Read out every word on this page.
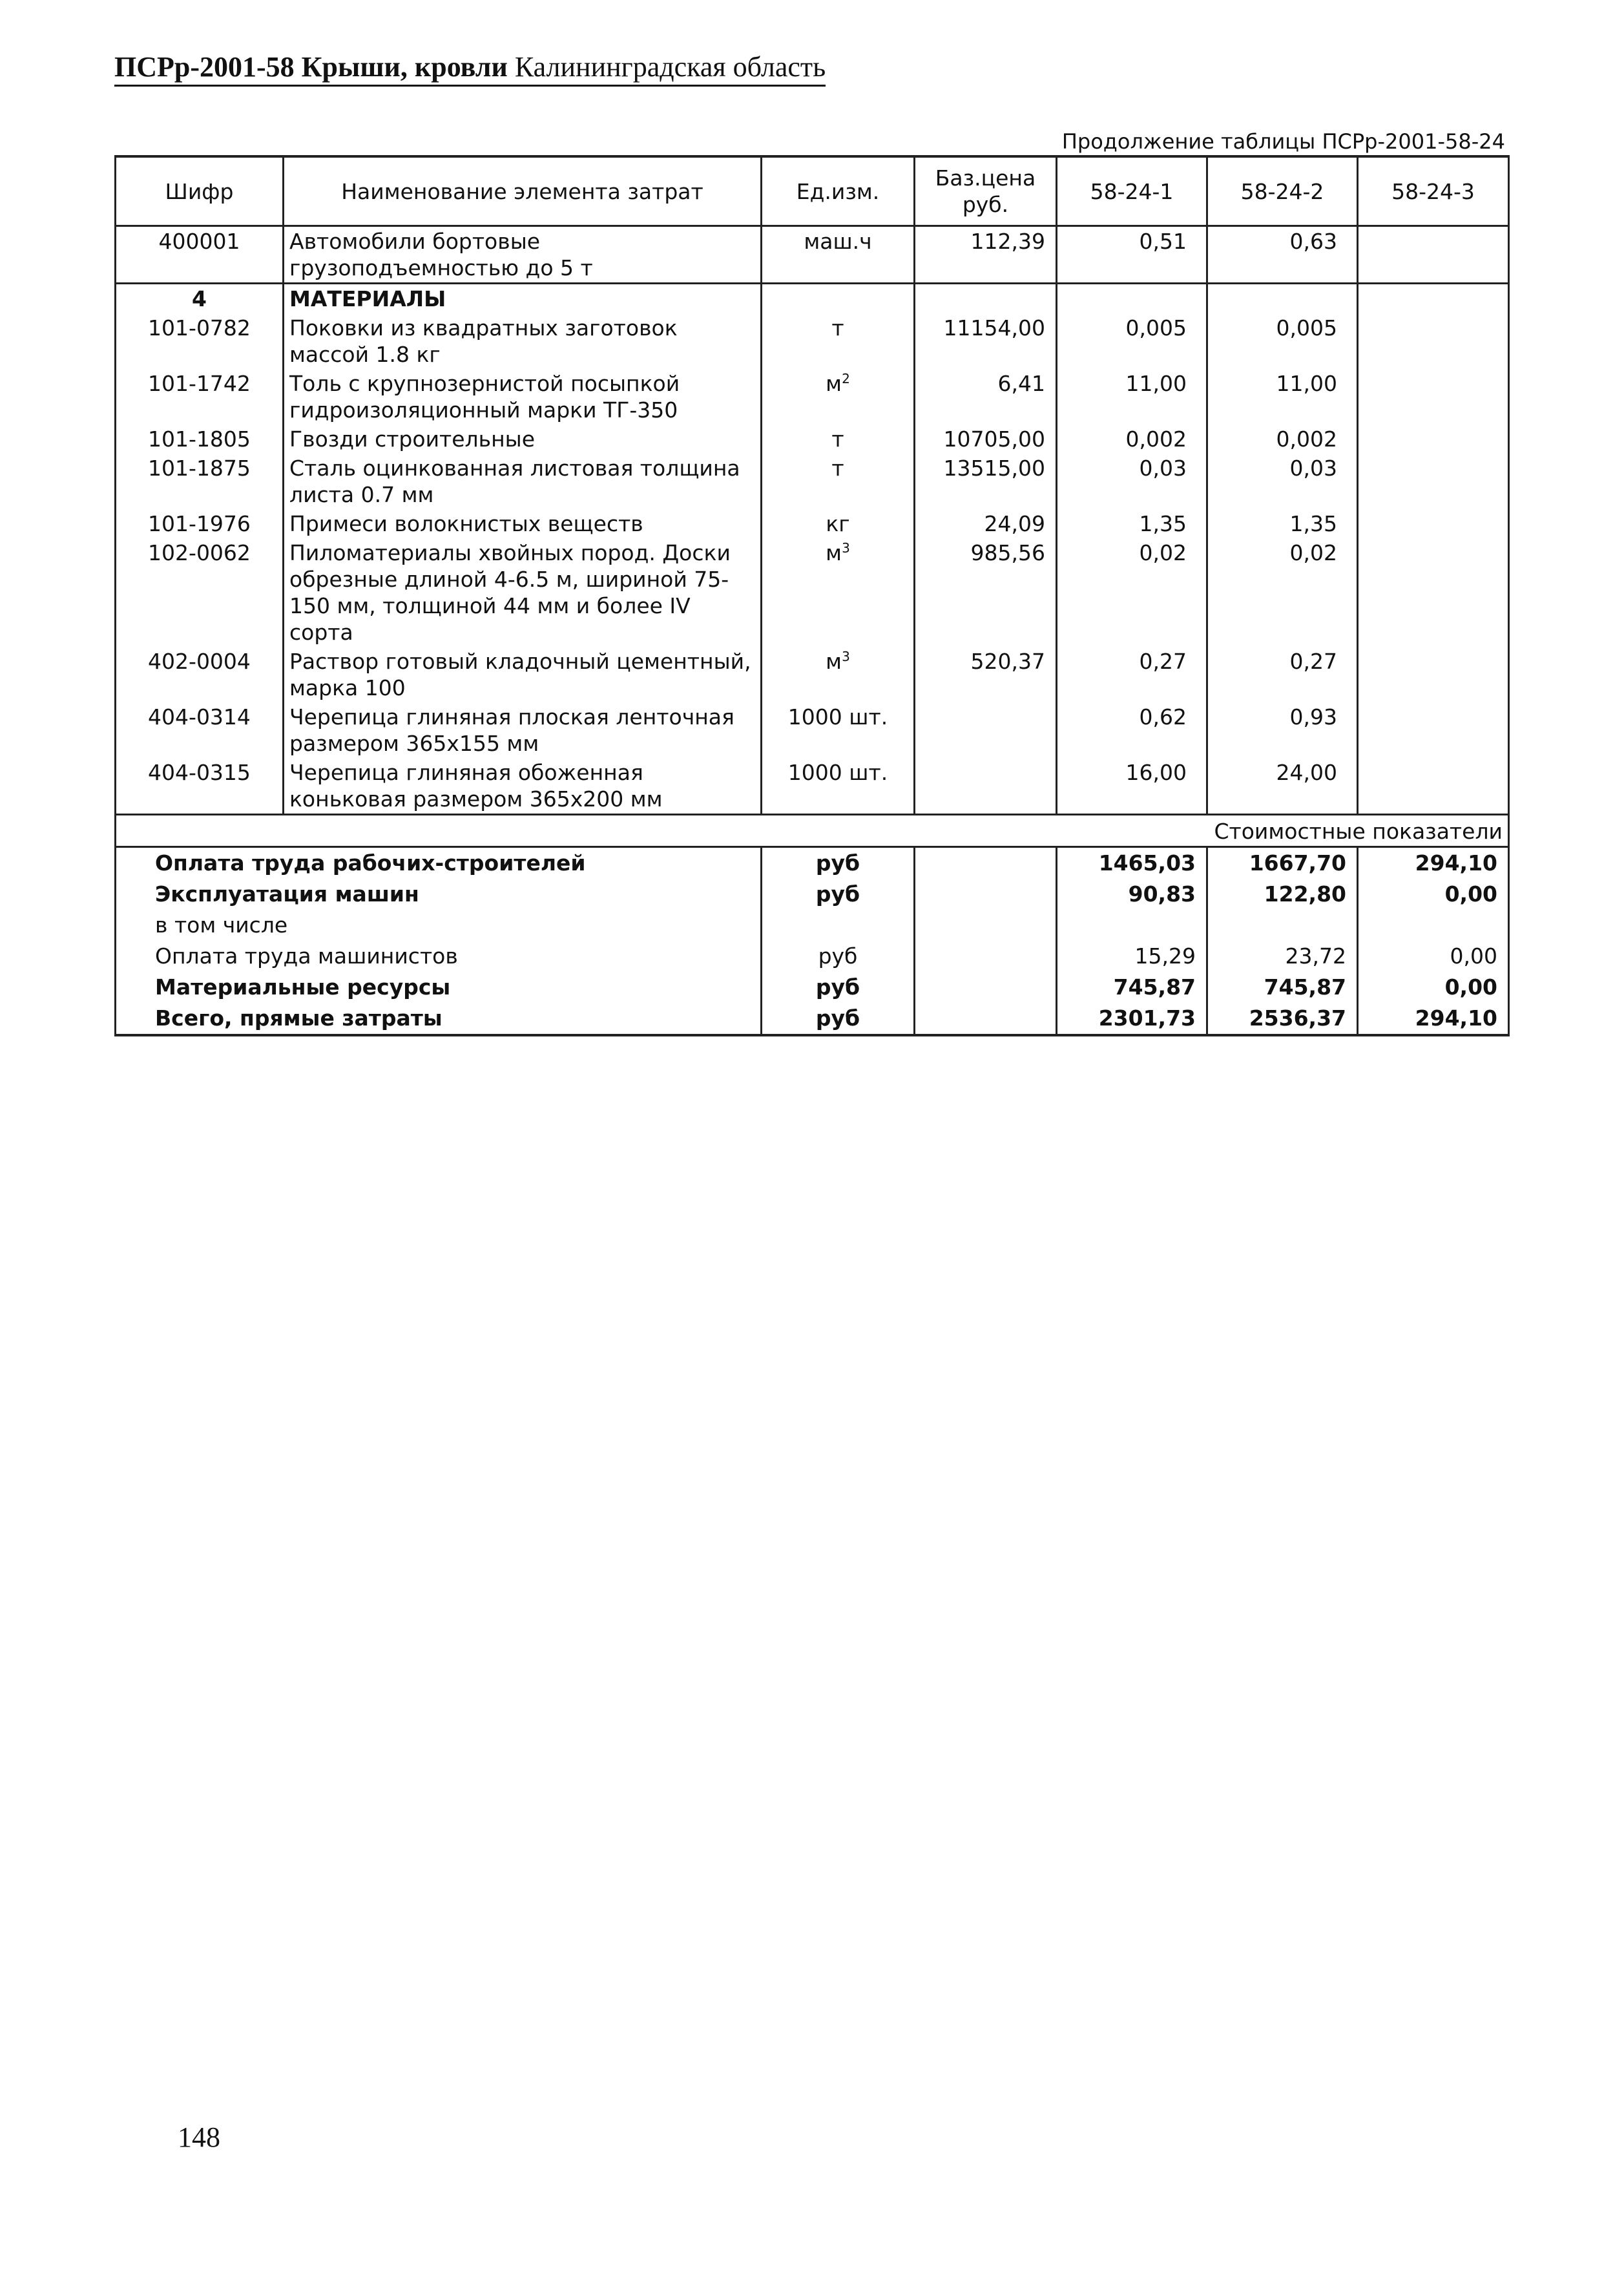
ПСРр-2001-58 Крыши, кровли Калининградская область
Продолжение таблицы ПСРр-2001-58-24
Шифр	Наименование элемента затрат	Ед.изм.	Баз.цена руб.	58-24-1	58-24-2	58-24-3
400001	Автомобили бортовые грузоподъемностью до 5 т	маш.ч	112,39	0,51	0,63	
4	МАТЕРИАЛЫ					
101-0782	Поковки из квадратных заготовок массой 1.8 кг	т	11154,00	0,005	0,005	
101-1742	Толь с крупнозернистой посыпкой гидроизоляционный марки ТГ-350	$м^2$	6,41	11,00	11,00	
101-1805	Гвозди строительные	т	10705,00	0,002	0,002	
101-1875	Сталь оцинкованная листовая толщина листа 0.7 мм	т	13515,00	0,03	0,03	
101-1976	Примеси волокнистых веществ	кг	24,09	1,35	1,35	
102-0062	Пиломатериалы хвойных пород. Доски обрезные длиной 4-6.5 м, шириной 75-150 мм, толщиной 44 мм и более IV сорта	$м^3$	985,56	0,02	0,02	
402-0004	Раствор готовый кладочный цементный, марка 100	$м^3$	520,37	0,27	0,27	
404-0314	Черепица глиняная плоская ленточная размером 365x155 мм	1000 шт.		0,62	0,93	
404-0315	Черепица глиняная обоженная коньковая размером 365x200 мм	1000 шт.		16,00	24,00	
Стоимостные показатели						
Оплата труда рабочих-строителей		руб		1465,03	1667,70	294,10
Эксплуатация машин		руб		90,83	122,80	0,00
в том числе						
Оплата труда машинистов		руб		15,29	23,72	0,00
Материальные ресурсы		руб		745,87	745,87	0,00
Всего, прямые затраты		руб		2301,73	2536,37	294,10
148
